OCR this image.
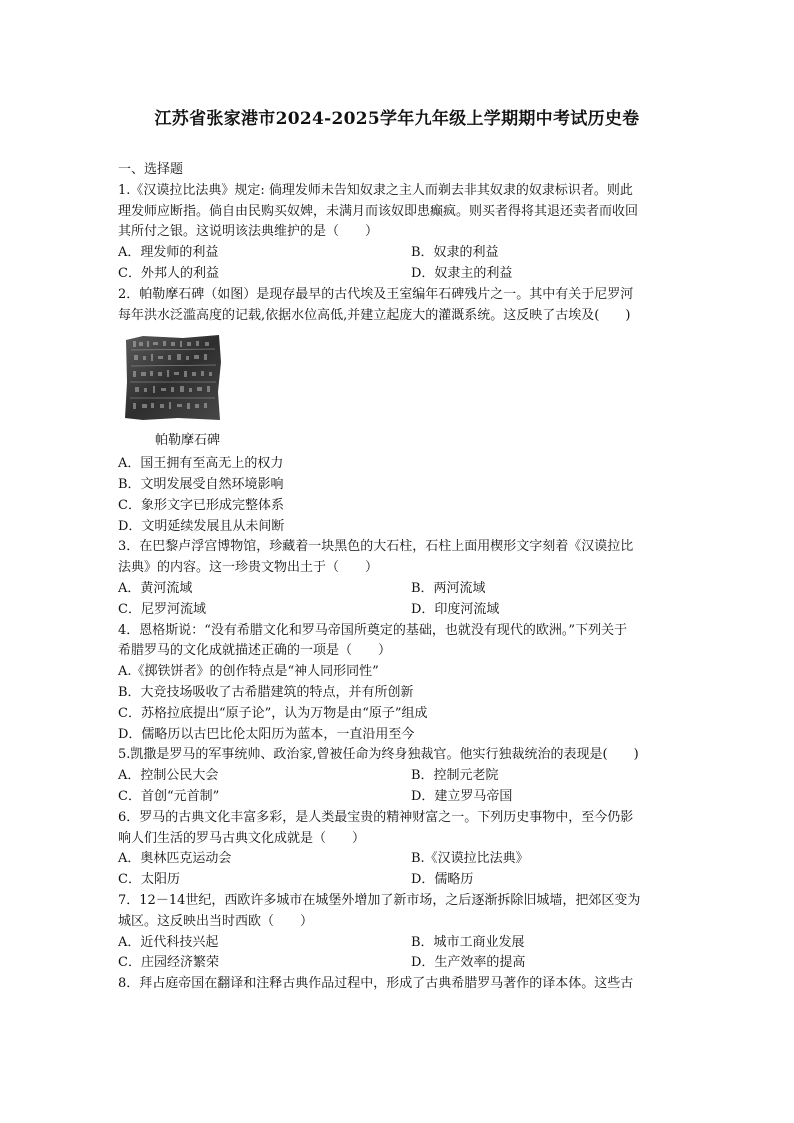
江苏省张家港市2024-2025学年九年级上学期期中考试历史卷
一、选择题
1.《汉谟拉比法典》规定: 倘理发师未告知奴隶之主人而剃去非其奴隶的奴隶标识者。则此
理发师应断指。倘自由民购买奴婢，未满月而该奴即患癫疯。则买者得将其退还卖者而收回
其所付之银。这说明该法典维护的是（　　）
A．理发师的利益	B．奴隶的利益
C．外邦人的利益	D．奴隶主的利益
2．帕勒摩石碑（如图）是现存最早的古代埃及王室编年石碑残片之一。其中有关于尼罗河
每年洪水泛滥高度的记载,依据水位高低,并建立起庞大的灌溉系统。这反映了古埃及(　　)
帕勒摩石碑
A．国王拥有至高无上的权力
B．文明发展受自然环境影响
C．象形文字已形成完整体系
D．文明延续发展且从未间断
3．在巴黎卢浮宫博物馆，珍藏着一块黑色的大石柱，石柱上面用楔形文字刻着《汉谟拉比
法典》的内容。这一珍贵文物出土于（　　）
A．黄河流域	B．两河流域
C．尼罗河流域	D．印度河流域
4．恩格斯说：“没有希腊文化和罗马帝国所奠定的基础，也就没有现代的欧洲。”下列关于
希腊罗马的文化成就描述正确的一项是（　　）
A.《掷铁饼者》的创作特点是“神人同形同性”
B．大竞技场吸收了古希腊建筑的特点，并有所创新
C．苏格拉底提出“原子论”，认为万物是由“原子”组成
D．儒略历以古巴比伦太阳历为蓝本，一直沿用至今
5.凯撒是罗马的军事统帅、政治家,曾被任命为终身独裁官。他实行独裁统治的表现是(　　)
A．控制公民大会	B．控制元老院
C．首创“元首制”	D．建立罗马帝国
6．罗马的古典文化丰富多彩，是人类最宝贵的精神财富之一。下列历史事物中，至今仍影
响人们生活的罗马古典文化成就是（　　）
A．奥林匹克运动会	B.《汉谟拉比法典》
C．太阳历	D．儒略历
7．12－14世纪，西欧许多城市在城堡外增加了新市场，之后逐渐拆除旧城墙，把郊区变为
城区。这反映出当时西欧（　　）
A．近代科技兴起	B．城市工商业发展
C．庄园经济繁荣	D．生产效率的提高
8．拜占庭帝国在翻译和注释古典作品过程中，形成了古典希腊罗马著作的译本体。这些古
